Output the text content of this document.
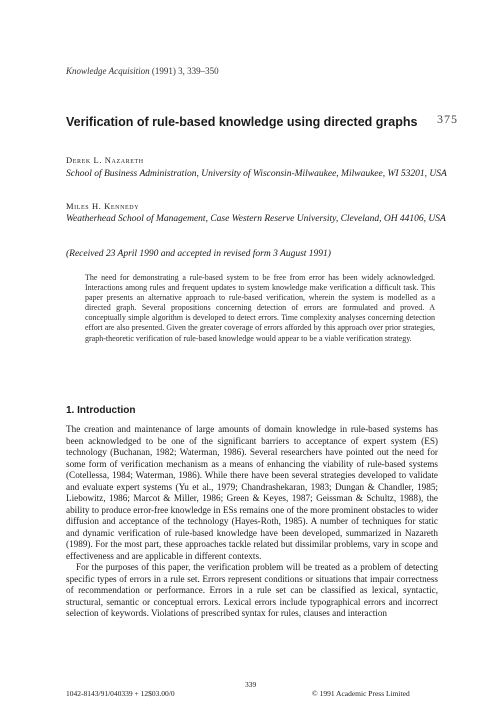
Knowledge Acquisition (1991) 3, 339–350
Verification of rule-based knowledge using directed graphs	375

Derek L. Nazareth

School of Business Administration, University of Wisconsin-Milwaukee, Milwaukee, WI 53201, USA

Miles H. Kennedy

Weatherhead School of Management, Case Western Reserve University, Cleveland, OH 44106, USA

(Received 23 April 1990 and accepted in revised form 3 August 1991)

The need for demonstrating a rule-based system to be free from error has been widely acknowledged. Interactions among rules and frequent updates to system knowledge make verification a difficult task. This paper presents an alternative approach to rule-based verification, wherein the system is modelled as a directed graph. Several propositions concerning detection of errors are formulated and proved. A conceptually simple algorithm is developed to detect errors. Time complexity analyses concerning detection effort are also presented. Given the greater coverage of errors afforded by this approach over prior strategies, graph-theoretic verification of rule-based knowledge would appear to be a viable verification strategy.

1. Introduction

The creation and maintenance of large amounts of domain knowledge in rule-based systems has been acknowledged to be one of the significant barriers to acceptance of expert system (ES) technology (Buchanan, 1982; Waterman, 1986). Several researchers have pointed out the need for some form of verification mechanism as a means of enhancing the viability of rule-based systems (Cotellessa, 1984; Waterman, 1986). While there have been several strategies developed to validate and evaluate expert systems (Yu et al., 1979; Chandrashekaran, 1983; Dungan & Chandler, 1985; Liebowitz, 1986; Marcot & Miller, 1986; Green & Keyes, 1987; Geissman & Schultz, 1988), the ability to produce error-free knowledge in ESs remains one of the more prominent obstacles to wider diffusion and acceptance of the technology (Hayes-Roth, 1985). A number of techniques for static and dynamic verification of rule-based knowledge have been developed, summarized in Nazareth (1989). For the most part, these approaches tackle related but dissimilar problems, vary in scope and effectiveness and are applicable in different contexts.

For the purposes of this paper, the verification problem will be treated as a problem of detecting specific types of errors in a rule set. Errors represent conditions or situations that impair correctness of recommendation or performance. Errors in a rule set can be classified as lexical, syntactic, structural, semantic or conceptual errors. Lexical errors include typographical errors and incorrect selection of keywords. Violations of prescribed syntax for rules, clauses and interaction

339
1042-8143/91/040339 + 12$03.00/0	© 1991 Academic Press Limited
